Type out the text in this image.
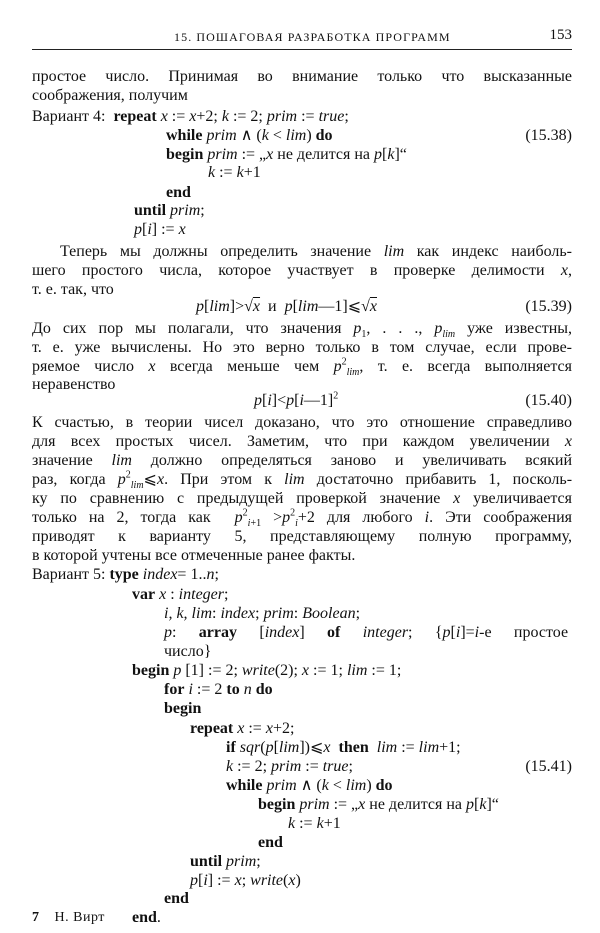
15. ПОШАГОВАЯ РАЗРАБОТКА ПРОГРАММ	153
простое число. Принимая во внимание только что высказанные
соображения, получим
Вариант 4:  repeat x := x+2; k := 2; prim := true;
while prim ∧ (k < lim) do	(15.38)
begin prim := „x не делится на p[k]“
k := k+1
end
until prim;
p[i] := x
Теперь мы должны определить значение lim как индекс наиболь-
шего простого числа, которое участвует в проверке делимости x,
т. е. так, что
p[lim]>√x  и  p[lim—1]⩽√x	(15.39)
До сих пор мы полагали, что значения $p_1$, . . ., $p_{lim}$ уже известны,
т. е. уже вычислены. Но это верно только в том случае, если прове-
ряемое число x всегда меньше чем $p^2_{lim}$, т. е. всегда выполняется
неравенство
p[i]<p[i—1]$^2$	(15.40)
К счастью, в теории чисел доказано, что это отношение справедливо
для всех простых чисел. Заметим, что при каждом увеличении x
значение lim должно определяться заново и увеличивать всякий
раз, когда $p^2_{lim}⩽x$. При этом к lim достаточно прибавить 1, посколь-
ку по сравнению с предыдущей проверкой значение x увеличивается
только на 2, тогда как  $p^2_{i+1} >p^2_i+2$ для любого i. Эти соображения
приводят к варианту 5, представляющему полную программу,
в которой учтены все отмеченные ранее факты.
Вариант 5: type index= 1..n;
var x : integer;
i, k, lim: index; prim: Boolean;
p: array [index] of integer; {p[i]=i-е простое
число}
begin p [1] := 2; write(2); x := 1; lim := 1;
for i := 2 to n do
begin
repeat x := x+2;
if sqr(p[lim])⩽x then lim := lim+1;
k := 2; prim := true;	(15.41)
while prim ∧ (k < lim) do
begin prim := „x не делится на p[k]“
k := k+1
end
until prim;
p[i] := x; write(x)
end
end.
7 Н. Вирт
